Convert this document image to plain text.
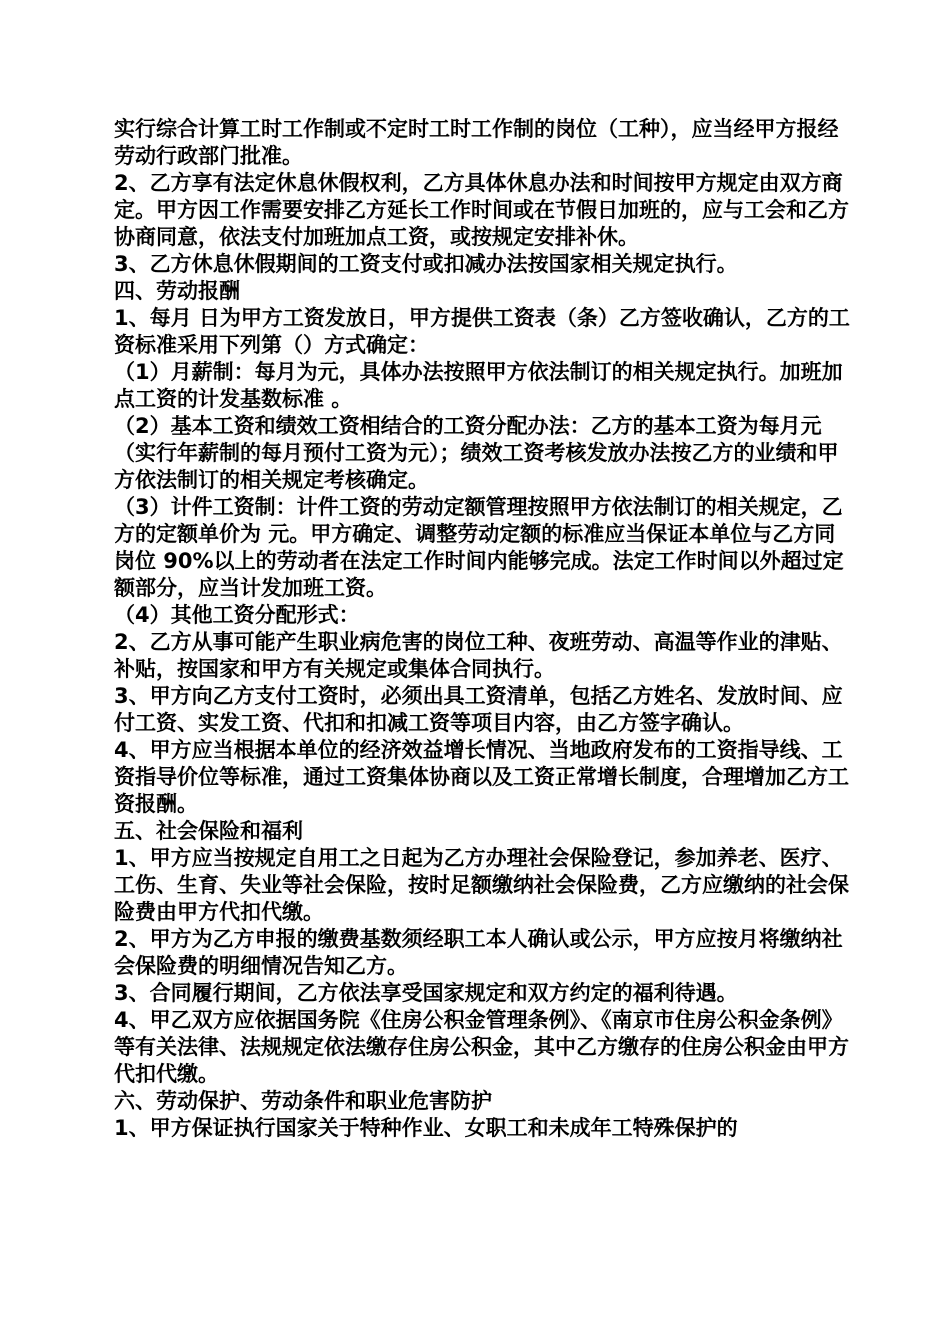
实行综合计算工时工作制或不定时工时工作制的岗位（工种），应当经甲方报经劳动行政部门批准。

2、乙方享有法定休息休假权利，乙方具体休息办法和时间按甲方规定由双方商定。甲方因工作需要安排乙方延长工作时间或在节假日加班的，应与工会和乙方协商同意，依法支付加班加点工资，或按规定安排补休。

3、乙方休息休假期间的工资支付或扣减办法按国家相关规定执行。

四、劳动报酬

1、每月 日为甲方工资发放日，甲方提供工资表（条）乙方签收确认，乙方的工资标准采用下列第（）方式确定：

（1）月薪制：每月为元，具体办法按照甲方依法制订的相关规定执行。加班加点工资的计发基数标准 。

（2）基本工资和绩效工资相结合的工资分配办法：乙方的基本工资为每月元（实行年薪制的每月预付工资为元）；绩效工资考核发放办法按乙方的业绩和甲方依法制订的相关规定考核确定。

（3）计件工资制：计件工资的劳动定额管理按照甲方依法制订的相关规定，乙方的定额单价为 元。甲方确定、调整劳动定额的标准应当保证本单位与乙方同岗位 90%以上的劳动者在法定工作时间内能够完成。法定工作时间以外超过定额部分，应当计发加班工资。

（4）其他工资分配形式：

2、乙方从事可能产生职业病危害的岗位工种、夜班劳动、高温等作业的津贴、补贴，按国家和甲方有关规定或集体合同执行。

3、甲方向乙方支付工资时，必须出具工资清单，包括乙方姓名、发放时间、应付工资、实发工资、代扣和扣减工资等项目内容，由乙方签字确认。

4、甲方应当根据本单位的经济效益增长情况、当地政府发布的工资指导线、工资指导价位等标准，通过工资集体协商以及工资正常增长制度，合理增加乙方工资报酬。

五、社会保险和福利

1、甲方应当按规定自用工之日起为乙方办理社会保险登记，参加养老、医疗、工伤、生育、失业等社会保险，按时足额缴纳社会保险费，乙方应缴纳的社会保险费由甲方代扣代缴。

2、甲方为乙方申报的缴费基数须经职工本人确认或公示，甲方应按月将缴纳社会保险费的明细情况告知乙方。

3、合同履行期间，乙方依法享受国家规定和双方约定的福利待遇。

4、甲乙双方应依据国务院《住房公积金管理条例》、《南京市住房公积金条例》等有关法律、法规规定依法缴存住房公积金，其中乙方缴存的住房公积金由甲方代扣代缴。

六、劳动保护、劳动条件和职业危害防护

1、甲方保证执行国家关于特种作业、女职工和未成年工特殊保护的
